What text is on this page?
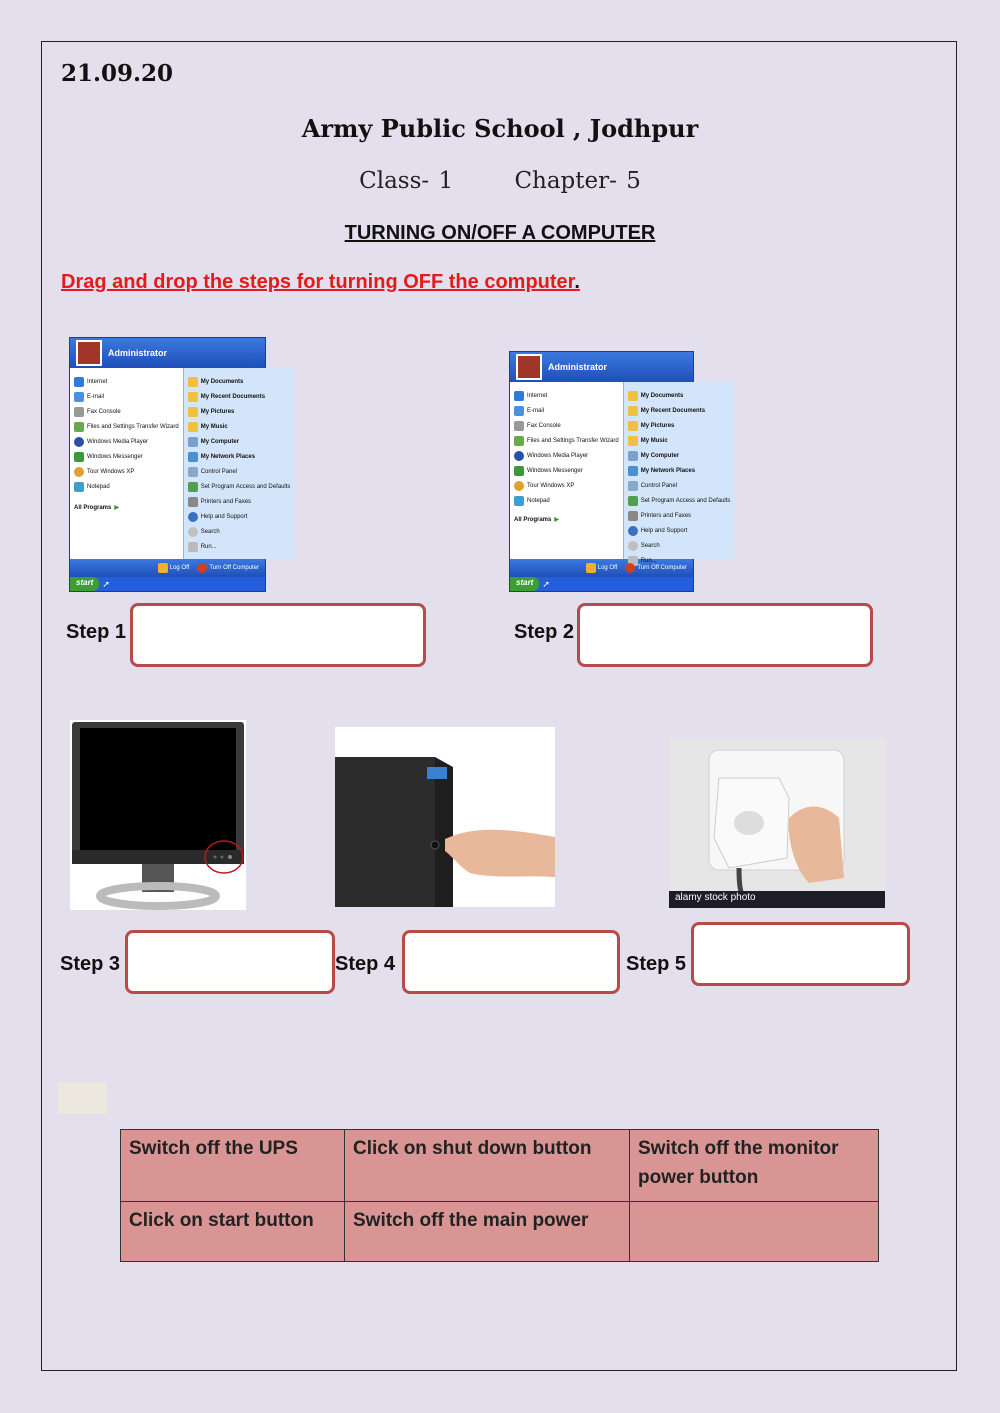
21.09.20
Army Public School , Jodhpur
Class- 1	Chapter- 5
TURNING ON/OFF A COMPUTER
Drag and drop the steps for turning OFF the computer.
Administrator
Internet
E-mail
Fax Console
Files and Settings Transfer Wizard
Windows Media Player
Windows Messenger
Tour Windows XP
Notepad
All Programs ▶
My Documents
My Recent Documents
My Pictures
My Music
My Computer
My Network Places
Control Panel
Set Program Access and Defaults
Printers and Faxes
Help and Support
Search
Run...
Log Off	Turn Off Computer
start	➚
Administrator
Internet
E-mail
Fax Console
Files and Settings Transfer Wizard
Windows Media Player
Windows Messenger
Tour Windows XP
Notepad
All Programs ▶
My Documents
My Recent Documents
My Pictures
My Music
My Computer
My Network Places
Control Panel
Set Program Access and Defaults
Printers and Faxes
Help and Support
Search
Run...
Log Off	Turn Off Computer
start	➚
Step 1	Step 2
alamy stock photo
Step 3	Step 4	Step 5
Switch off the UPS	Click on shut down button	Switch off the monitor power button
Click on start button	Switch off the main power	
